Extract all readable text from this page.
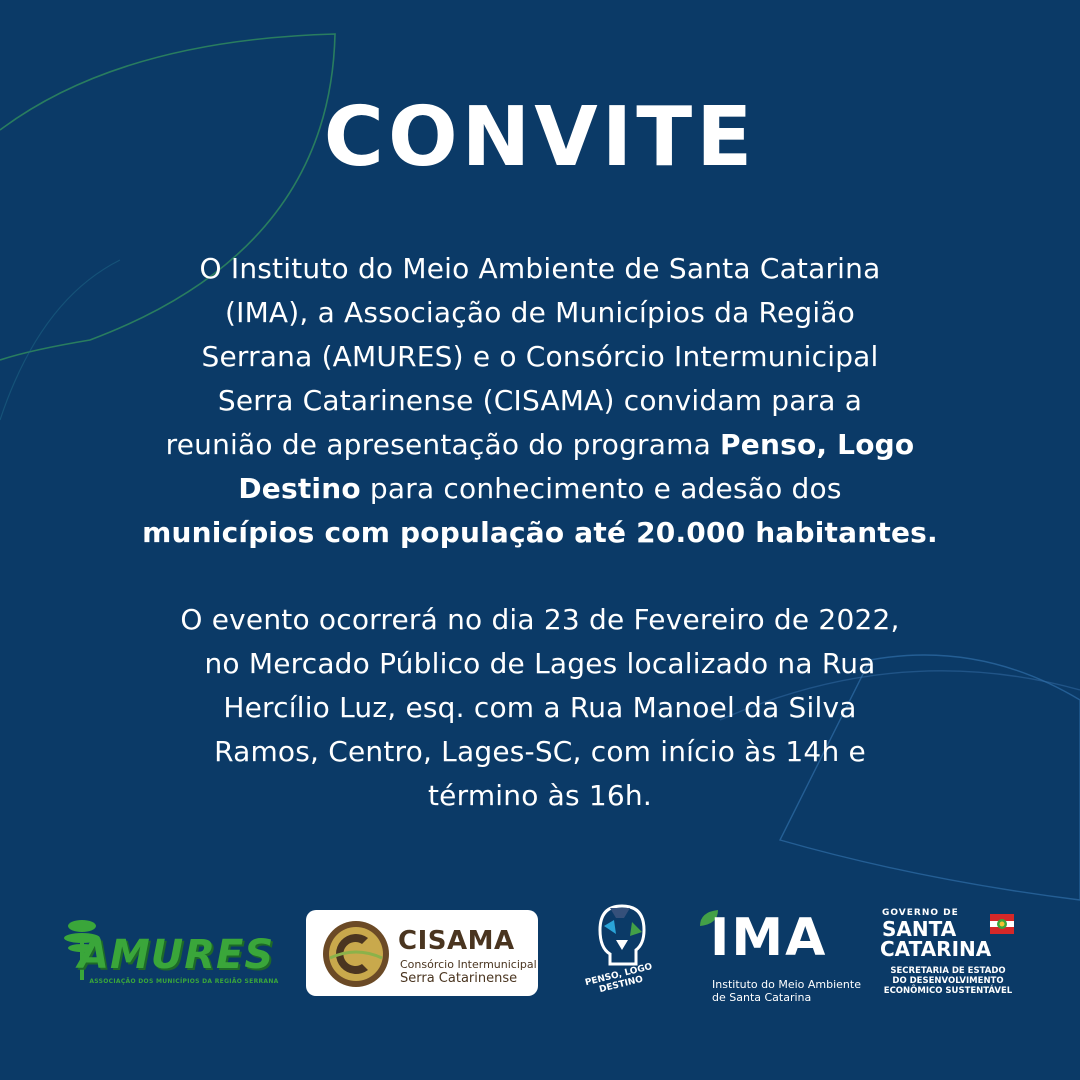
CONVITE
O Instituto do Meio Ambiente de Santa Catarina
(IMA), a Associação de Municípios da Região
Serrana (AMURES) e o Consórcio Intermunicipal
Serra Catarinense (CISAMA) convidam para a
reunião de apresentação do programa Penso, Logo
Destino para conhecimento e adesão dos
municípios com população até 20.000 habitantes.
O evento ocorrerá no dia 23 de Fevereiro de 2022,
no Mercado Público de Lages localizado na Rua
Hercílio Luz, esq. com a Rua Manoel da Silva
Ramos, Centro, Lages-SC, com início às 14h e
término às 16h.
AMURES
ASSOCIAÇÃO DOS MUNICÍPIOS DA REGIÃO SERRANA
CISAMA
Consórcio Intermunicipal
Serra Catarinense	PENSO, LOGO DESTINO
IMA
Instituto do Meio Ambiente
de Santa Catarina
GOVERNO DE
SANTA
CATARINA
SECRETARIA DE ESTADO
DO DESENVOLVIMENTO
ECONÔMICO SUSTENTÁVEL
